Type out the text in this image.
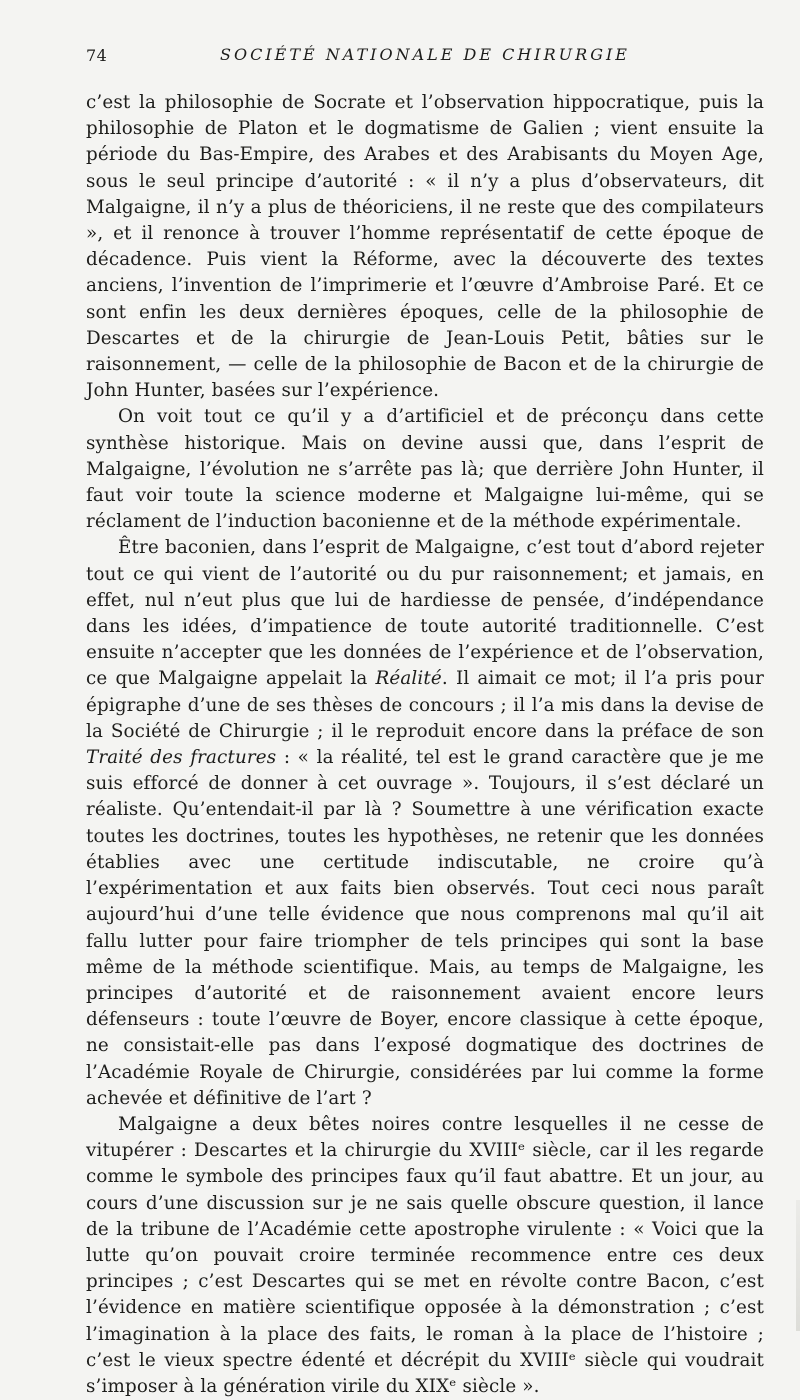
74	SOCIÉTÉ NATIONALE DE CHIRURGIE

c’est la philosophie de Socrate et l’observation hippocratique, puis la philosophie de Platon et le dogmatisme de Galien ; vient ensuite la période du Bas-Empire, des Arabes et des Arabisants du Moyen Age, sous le seul principe d’autorité : « il n’y a plus d’observateurs, dit Malgaigne, il n’y a plus de théoriciens, il ne reste que des compilateurs », et il renonce à trouver l’homme représentatif de cette époque de décadence. Puis vient la Réforme, avec la découverte des textes anciens, l’invention de l’imprimerie et l’œuvre d’Ambroise Paré. Et ce sont enfin les deux dernières époques, celle de la philosophie de Descartes et de la chirurgie de Jean-Louis Petit, bâties sur le raisonnement, — celle de la philosophie de Bacon et de la chirurgie de John Hunter, basées sur l’expérience.

On voit tout ce qu’il y a d’artificiel et de préconçu dans cette synthèse historique. Mais on devine aussi que, dans l’esprit de Malgaigne, l’évolution ne s’arrête pas là; que derrière John Hunter, il faut voir toute la science moderne et Malgaigne lui-même, qui se réclament de l’induction baconienne et de la méthode expérimentale.

Être baconien, dans l’esprit de Malgaigne, c’est tout d’abord rejeter tout ce qui vient de l’autorité ou du pur raisonnement; et jamais, en effet, nul n’eut plus que lui de hardiesse de pensée, d’indépendance dans les idées, d’impatience de toute autorité traditionnelle. C’est ensuite n’accepter que les données de l’expérience et de l’observation, ce que Malgaigne appelait la Réalité. Il aimait ce mot; il l’a pris pour épigraphe d’une de ses thèses de concours ; il l’a mis dans la devise de la Société de Chirurgie ; il le reproduit encore dans la préface de son Traité des fractures : « la réalité, tel est le grand caractère que je me suis efforcé de donner à cet ouvrage ». Toujours, il s’est déclaré un réaliste. Qu’entendait-il par là ? Soumettre à une vérification exacte toutes les doctrines, toutes les hypothèses, ne retenir que les données établies avec une certitude indiscutable, ne croire qu’à l’expérimentation et aux faits bien observés. Tout ceci nous paraît aujourd’hui d’une telle évidence que nous comprenons mal qu’il ait fallu lutter pour faire triompher de tels principes qui sont la base même de la méthode scientifique. Mais, au temps de Malgaigne, les principes d’autorité et de raisonnement avaient encore leurs défenseurs : toute l’œuvre de Boyer, encore classique à cette époque, ne consistait-elle pas dans l’exposé dogmatique des doctrines de l’Académie Royale de Chirurgie, considérées par lui comme la forme achevée et définitive de l’art ?

Malgaigne a deux bêtes noires contre lesquelles il ne cesse de vitupérer : Descartes et la chirurgie du XVIIIᵉ siècle, car il les regarde comme le symbole des principes faux qu’il faut abattre. Et un jour, au cours d’une discussion sur je ne sais quelle obscure question, il lance de la tribune de l’Académie cette apostrophe virulente : « Voici que la lutte qu’on pouvait croire terminée recommence entre ces deux principes ; c’est Descartes qui se met en révolte contre Bacon, c’est l’évidence en matière scientifique opposée à la démonstration ; c’est l’imagination à la place des faits, le roman à la place de l’histoire ; c’est le vieux spectre édenté et décrépit du XVIIIᵉ siècle qui voudrait s’imposer à la génération virile du XIXᵉ siècle ».
